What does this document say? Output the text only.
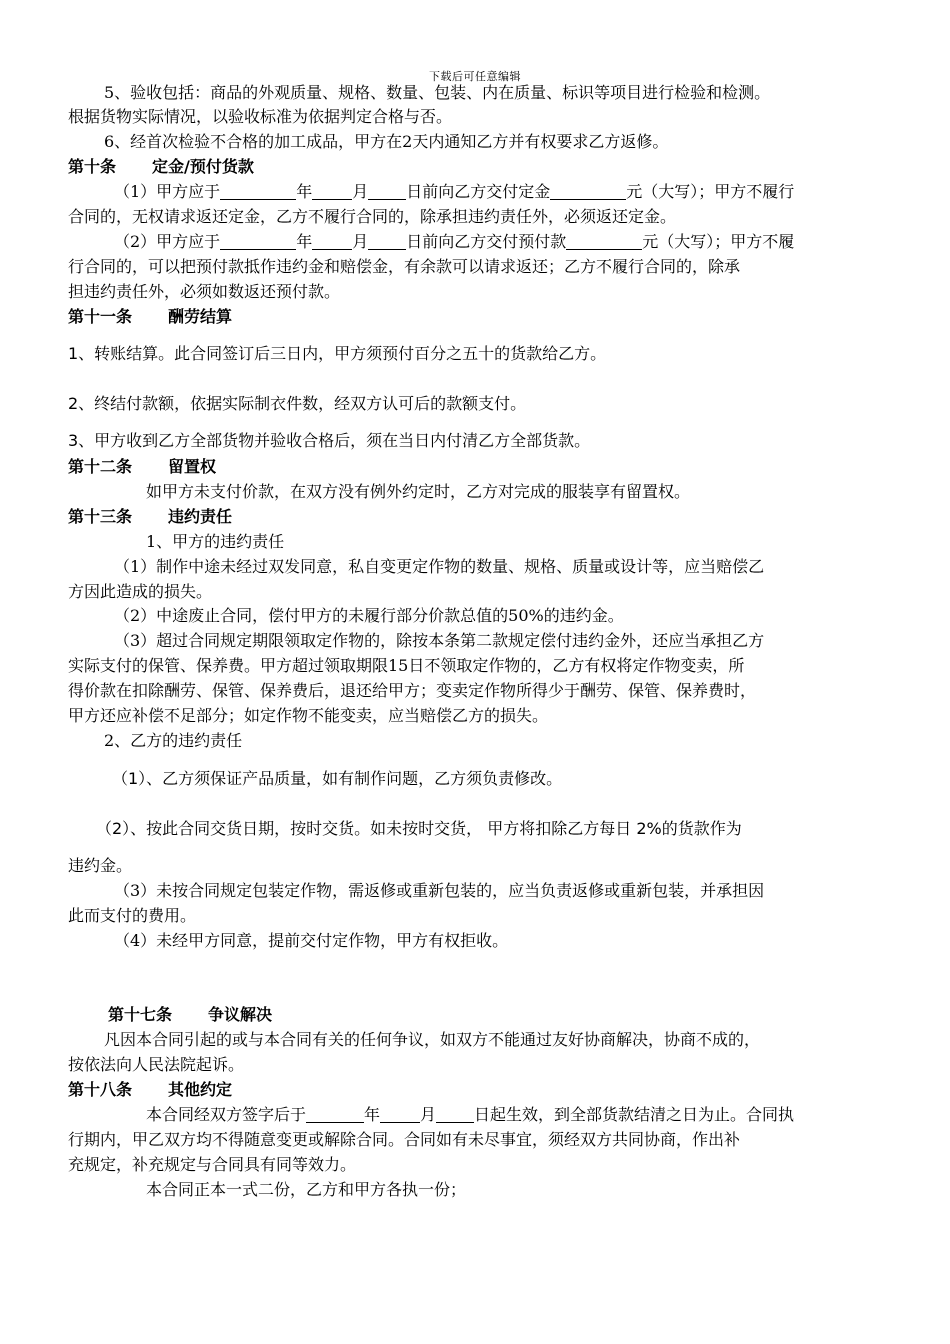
下载后可任意编辑
5、验收包括：商品的外观质量、规格、数量、包装、内在质量、标识等项目进行检验和检测。
根据货物实际情况，以验收标准为依据判定合格与否。
6、经首次检验不合格的加工成品，甲方在2天内通知乙方并有权要求乙方返修。
第十条 定金/预付货款
（1）甲方应于	年	月 日前向乙方交付定金	元（大写）；甲方不履行
合同的，无权请求返还定金，乙方不履行合同的，除承担违约责任外，必须返还定金。
（2）甲方应于	年	月 日前向乙方交付预付款	元（大写）；甲方不履
行合同的，可以把预付款抵作违约金和赔偿金，有余款可以请求返还；乙方不履行合同的，除承
担违约责任外，必须如数返还预付款。
第十一条 酬劳结算
1、转账结算。此合同签订后三日内，甲方须预付百分之五十的货款给乙方。
2、终结付款额，依据实际制衣件数，经双方认可后的款额支付。
3、甲方收到乙方全部货物并验收合格后，须在当日内付清乙方全部货款。
第十二条 留置权
如甲方未支付价款，在双方没有例外约定时，乙方对完成的服装享有留置权。
第十三条 违约责任
1、甲方的违约责任
（1）制作中途未经过双发同意，私自变更定作物的数量、规格、质量或设计等，应当赔偿乙
方因此造成的损失。
（2）中途废止合同，偿付甲方的未履行部分价款总值的50%的违约金。
（3）超过合同规定期限领取定作物的，除按本条第二款规定偿付违约金外，还应当承担乙方
实际支付的保管、保养费。甲方超过领取期限15日不领取定作物的，乙方有权将定作物变卖，所
得价款在扣除酬劳、保管、保养费后，退还给甲方；变卖定作物所得少于酬劳、保管、保养费时，
甲方还应补偿不足部分；如定作物不能变卖，应当赔偿乙方的损失。
2、乙方的违约责任
（1）、乙方须保证产品质量，如有制作问题，乙方须负责修改。
（2）、按此合同交货日期，按时交货。如未按时交货， 甲方将扣除乙方每日 2%的货款作为
违约金。
（3）未按合同规定包装定作物，需返修或重新包装的，应当负责返修或重新包装，并承担因
此而支付的费用。
（4）未经甲方同意，提前交付定作物，甲方有权拒收。
第十七条 争议解决
凡因本合同引起的或与本合同有关的任何争议，如双方不能通过友好协商解决，协商不成的，
按依法向人民法院起诉。
第十八条 其他约定
本合同经双方签字后于	年	月 日起生效，到全部货款结清之日为止。合同执
行期内，甲乙双方均不得随意变更或解除合同。合同如有未尽事宜，须经双方共同协商，作出补
充规定，补充规定与合同具有同等效力。
本合同正本一式二份，乙方和甲方各执一份；
